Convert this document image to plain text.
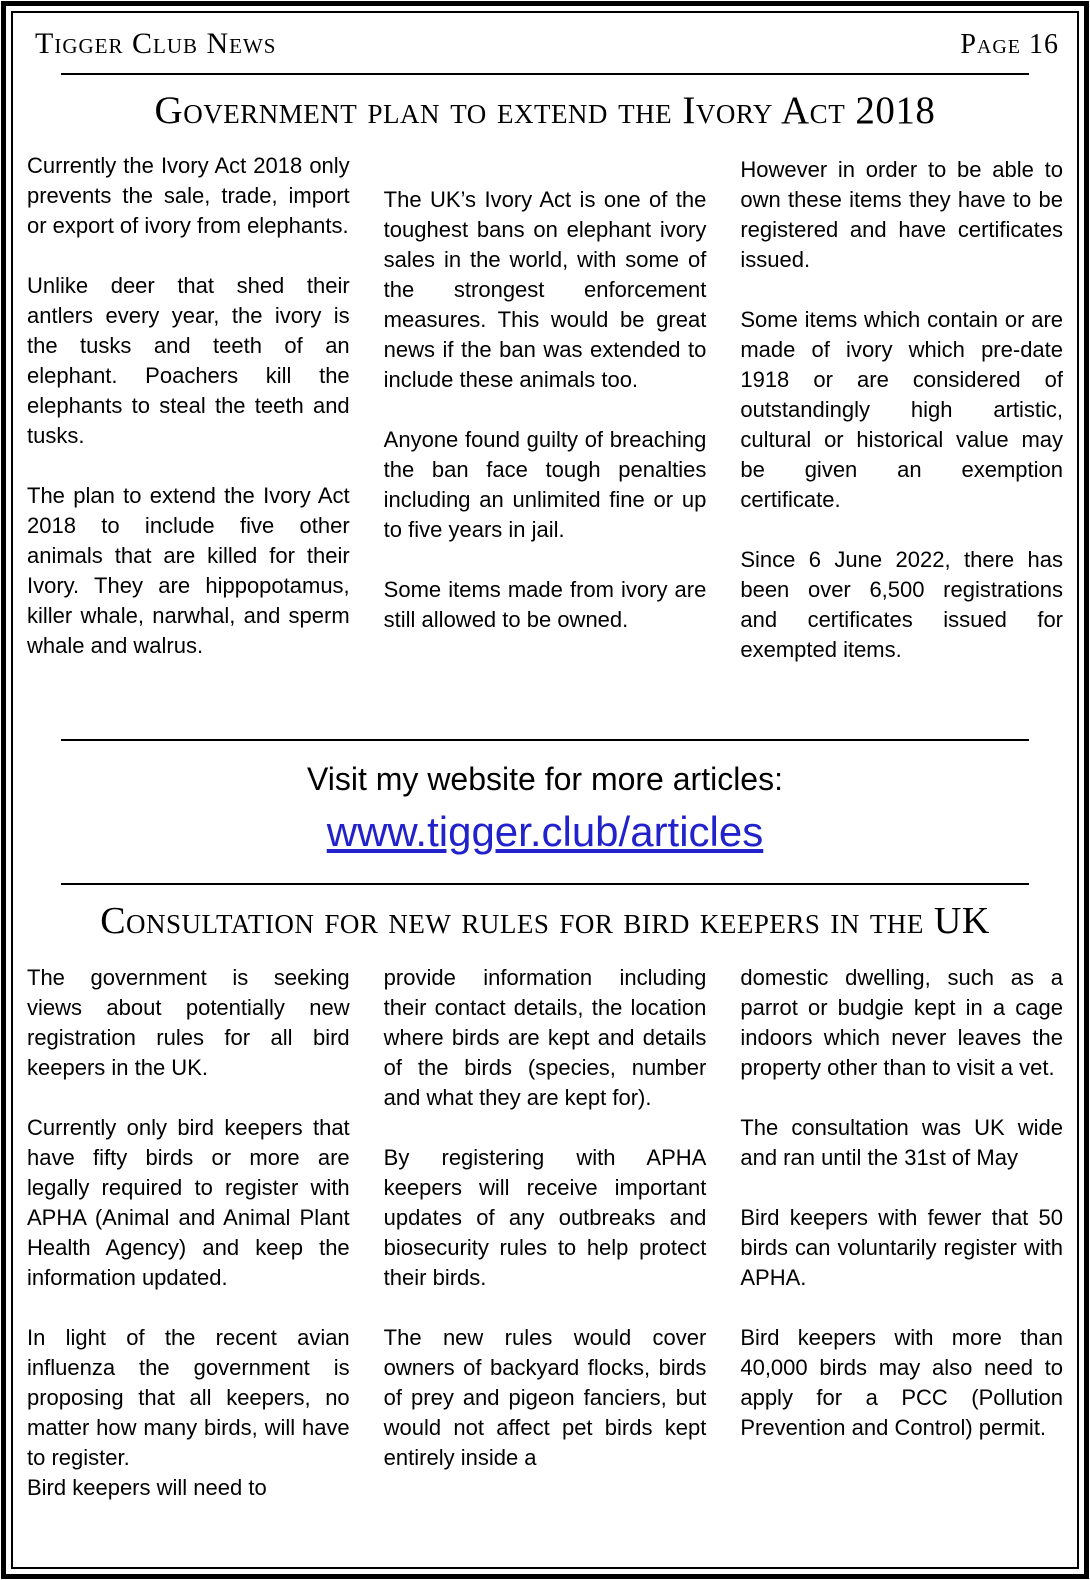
Tigger Club News	Page 16
Government plan to extend the Ivory Act 2018

Currently the Ivory Act 2018 only prevents the sale, trade, import or export of ivory from elephants.

Unlike deer that shed their antlers every year, the ivory is the tusks and teeth of an elephant. Poachers kill the elephants to steal the teeth and tusks.

The plan to extend the Ivory Act 2018 to include five other animals that are killed for their Ivory. They are hippopotamus, killer whale, narwhal, and sperm whale and walrus.

The UK’s Ivory Act is one of the toughest bans on elephant ivory sales in the world, with some of the strongest enforcement measures. This would be great news if the ban was extended to include these animals too.

Anyone found guilty of breaching the ban face tough penalties including an unlimited fine or up to five years in jail.

Some items made from ivory are still allowed to be owned.

However in order to be able to own these items they have to be registered and have certificates issued.

Some items which contain or are made of ivory which pre-date 1918 or are considered of outstandingly high artistic, cultural or historical value may be given an exemption certificate.

Since 6 June 2022, there has been over 6,500 registrations and certificates issued for exempted items.

Visit my website for more articles:
www.tigger.club/articles
Consultation for new rules for bird keepers in the UK

The government is seeking views about potentially new registration rules for all bird keepers in the UK.

Currently only bird keepers that have fifty birds or more are legally required to register with APHA (Animal and Animal Plant Health Agency) and keep the information updated.

In light of the recent avian influenza the government is proposing that all keepers, no matter how many birds, will have to register.

Bird keepers will need to

provide information including their contact details, the location where birds are kept and details of the birds (species, number and what they are kept for).

By registering with APHA keepers will receive important updates of any outbreaks and biosecurity rules to help protect their birds.

The new rules would cover owners of backyard flocks, birds of prey and pigeon fanciers, but would not affect pet birds kept entirely inside a

domestic dwelling, such as a parrot or budgie kept in a cage indoors which never leaves the property other than to visit a vet.

The consultation was UK wide and ran until the 31st of May

Bird keepers with fewer that 50 birds can voluntarily register with APHA.

Bird keepers with more than 40,000 birds may also need to apply for a PCC (Pollution Prevention and Control) permit.
